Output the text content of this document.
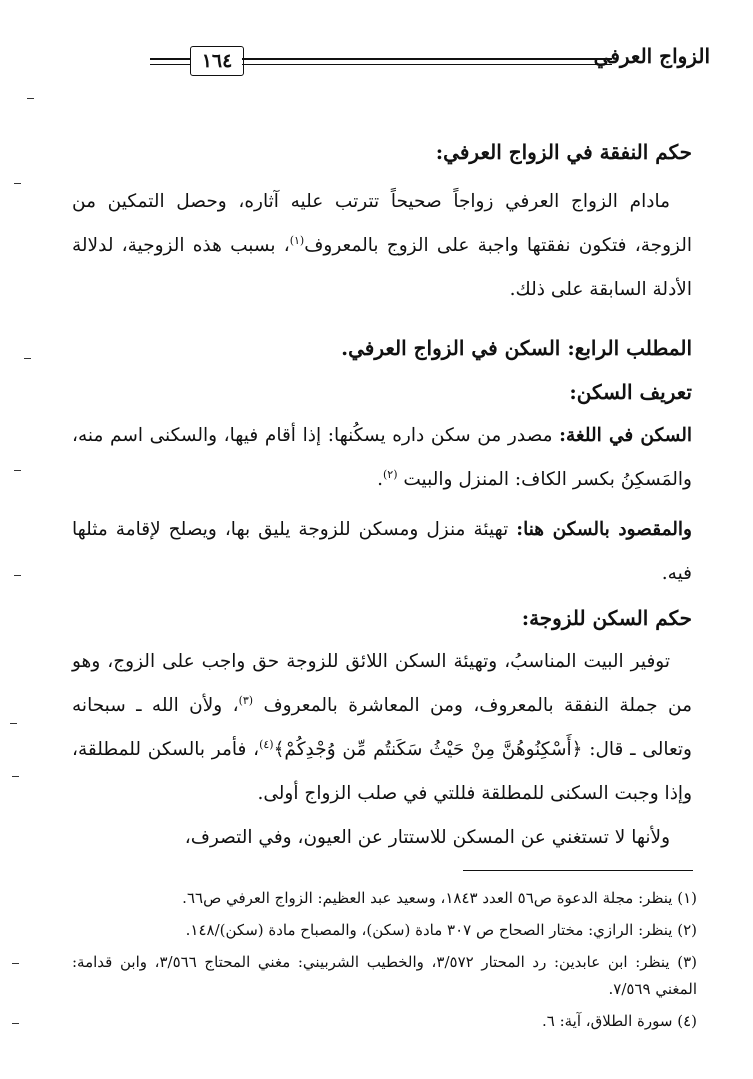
١٦٤	الزواج العرفي

حكم النفقة في الزواج العرفي:

مادام الزواج العرفي زواجاً صحيحاً تترتب عليه آثاره، وحصل التمكين من الزوجة، فتكون نفقتها واجبة على الزوج بالمعروف$^{(١)}$، بسبب هذه الزوجية، لدلالة الأدلة السابقة على ذلك.

المطلب الرابع: السكن في الزواج العرفي.

تعريف السكن:

السكن في اللغة: مصدر من سكن داره يسكُنها: إذا أقام فيها، والسكنى اسم منه، والمَسكِنُ بكسر الكاف: المنزل والبيت $^{(٢)}$.

والمقصود بالسكن هنا: تهيئة منزل ومسكن للزوجة يليق بها، ويصلح لإقامة مثلها فيه.

حكم السكن للزوجة:

توفير البيت المناسبُ، وتهيئة السكن اللائق للزوجة حق واجب على الزوج، وهو من جملة النفقة بالمعروف، ومن المعاشرة بالمعروف $^{(٣)}$، ولأن الله ـ سبحانه وتعالى ـ قال: ﴿أَسْكِنُوهُنَّ مِنْ حَيْثُ سَكَنتُم مِّن وُجْدِكُمْ﴾$^{(٤)}$، فأمر بالسكن للمطلقة، وإذا وجبت السكنى للمطلقة فللتي في صلب الزواج أولى.

ولأنها لا تستغني عن المسكن للاستتار عن العيون، وفي التصرف،

(١) ينظر: مجلة الدعوة ص٥٦ العدد ١٨٤٣، وسعيد عبد العظيم: الزواج العرفي ص٦٦.

(٢) ينظر: الرازي: مختار الصحاح ص ٣٠٧ مادة (سكن)، والمصباح مادة (سكن)/١٤٨.

(٣) ينظر: ابن عابدين: رد المحتار ٣/٥٧٢، والخطيب الشربيني: مغني المحتاج ٣/٥٦٦، وابن قدامة: المغني ٧/٥٦٩.

(٤) سورة الطلاق، آية: ٦.
